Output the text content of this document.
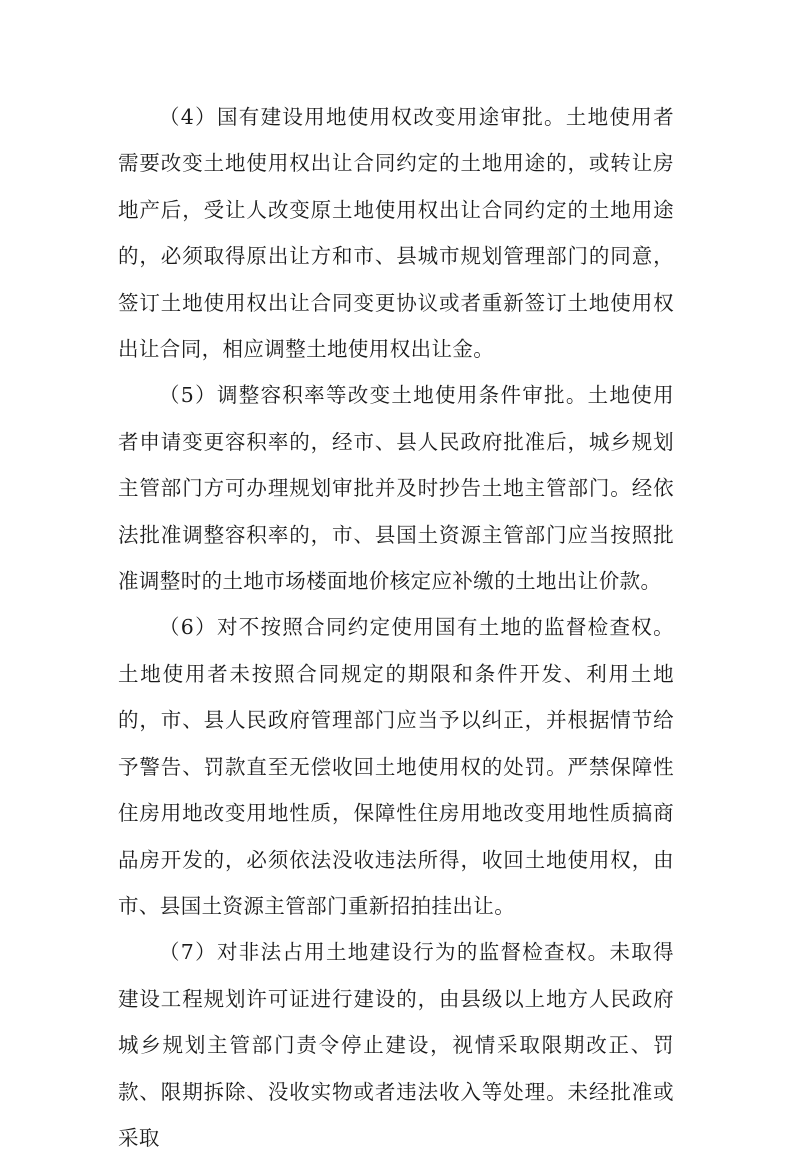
（4）国有建设用地使用权改变用途审批。土地使用者需要改变土地使用权出让合同约定的土地用途的，或转让房地产后，受让人改变原土地使用权出让合同约定的土地用途的，必须取得原出让方和市、县城市规划管理部门的同意，签订土地使用权出让合同变更协议或者重新签订土地使用权出让合同，相应调整土地使用权出让金。

（5）调整容积率等改变土地使用条件审批。土地使用者申请变更容积率的，经市、县人民政府批准后，城乡规划主管部门方可办理规划审批并及时抄告土地主管部门。经依法批准调整容积率的，市、县国土资源主管部门应当按照批准调整时的土地市场楼面地价核定应补缴的土地出让价款。

（6）对不按照合同约定使用国有土地的监督检查权。土地使用者未按照合同规定的期限和条件开发、利用土地的，市、县人民政府管理部门应当予以纠正，并根据情节给予警告、罚款直至无偿收回土地使用权的处罚。严禁保障性住房用地改变用地性质，保障性住房用地改变用地性质搞商品房开发的，必须依法没收违法所得，收回土地使用权，由市、县国土资源主管部门重新招拍挂出让。

（7）对非法占用土地建设行为的监督检查权。未取得建设工程规划许可证进行建设的，由县级以上地方人民政府城乡规划主管部门责令停止建设，视情采取限期改正、罚款、限期拆除、没收实物或者违法收入等处理。未经批准或采取
